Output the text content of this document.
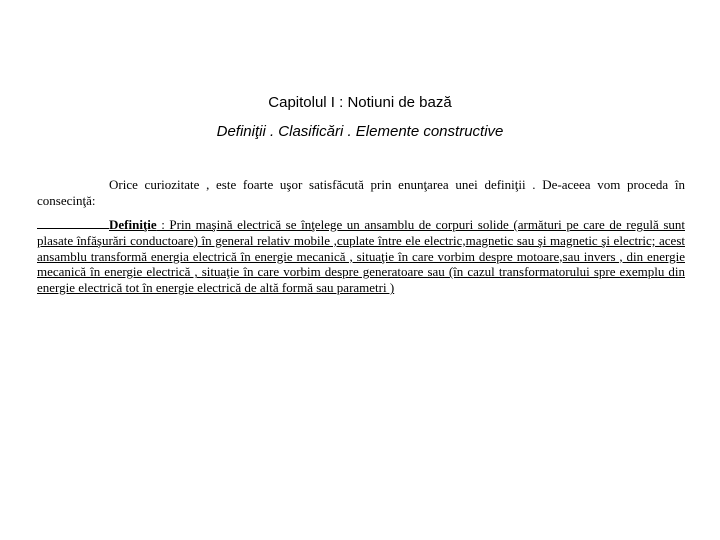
Capitolul I : Notiuni de bază
Definiţii . Clasificări . Elemente constructive
Orice curiozitate , este foarte uşor satisfăcută prin enunţarea unei definiţii . De-aceea vom proceda în consecinţă:
Definiţie : Prin maşină electrică se înţelege un ansamblu de corpuri solide (armături pe care de regulă sunt plasate înfăşurări conductoare) în general relativ mobile ,cuplate între ele electric,magnetic sau şi magnetic şi electric; acest ansamblu transformă energia electrică în energie mecanică , situaţie în care vorbim despre motoare,sau invers , din energie mecanică în energie electrică , situaţie în care vorbim despre generatoare sau (în cazul transformatorului spre exemplu din energie electrică tot în energie electrică de altă formă sau parametri )
